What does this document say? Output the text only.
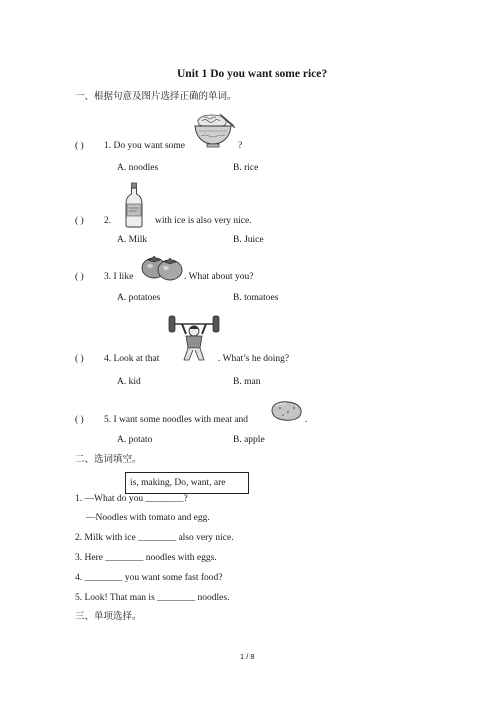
Unit 1 Do you want some rice?
一、根据句意及图片选择正确的单词。
( ) 1. Do you want some	?
A. noodles	B. rice
( ) 2.	with ice is also very nice.
A. Milk	B. Juice
( ) 3. I like	. What about you?
A. potatoes	B. tomatoes
( ) 4. Look at that	. What’s he doing?
A. kid	B. man
( ) 5. I want some noodles with meat and	.
A. potato	B. apple
二、选词填空。
is, making, Do, want, are
1. —What do you ________?
—Noodles with tomato and egg.
2. Milk with ice ________ also very nice.
3. Here ________ noodles with eggs.
4. ________ you want some fast food?
5. Look! That man is ________ noodles.
三、单项选择。
1 / 8
